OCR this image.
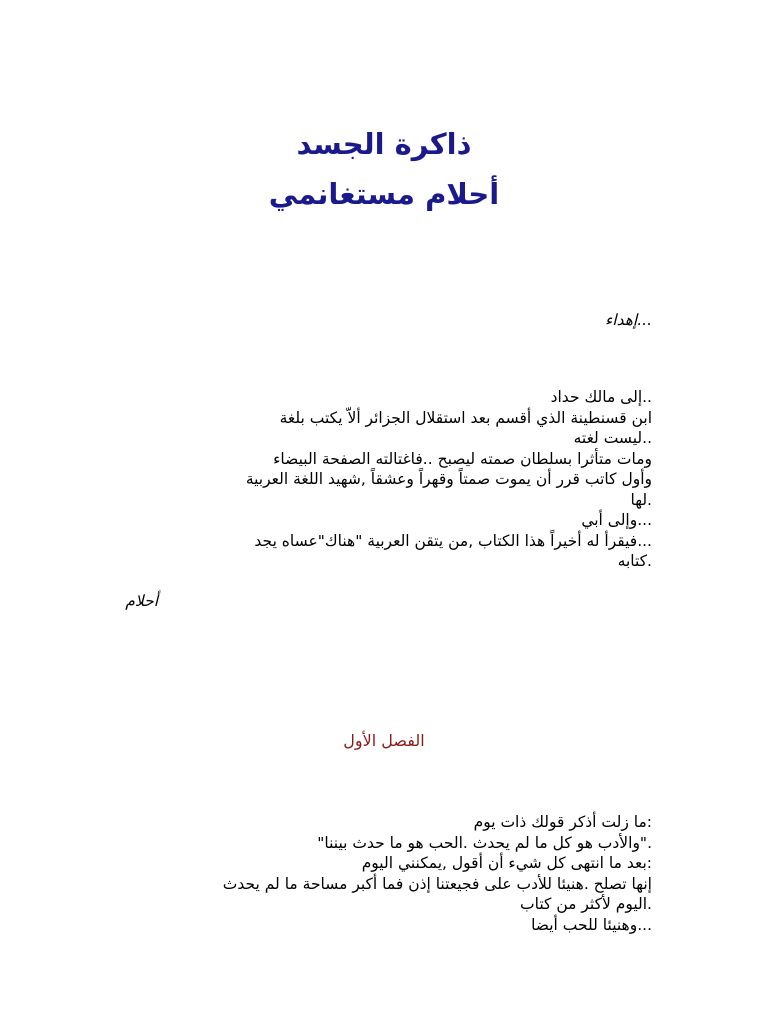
ذاكرة الجسد
أحلام مستغانمي
...إهداء

..إلى مالك حداد

ابن قسنطينة الذي أقسم بعد استقلال الجزائر ألاّ يكتب بلغة

..ليست لغته

ومات متأثرا بسلطان صمته ليصبح ..فاغتالته الصفحة البيضاء

وأول كاتب قرر أن يموت صمتاً وقهراً وعشقاً ,شهيد اللغة العربية

.لها

...وإلى أبي

...فيقرأ له أخيراً هذا الكتاب ,من يتقن العربية "هناك"عساه يجد

.كتابه

أحلام
الفصل الأول

:ما زلت أذكر قولك ذات يوم

."والأدب هو كل ما لم يحدث .الحب هو ما حدث بيننا"

:بعد ما انتهى كل شيء أن أقول ,يمكنني اليوم

إنها تصلح .هنيئا للأدب على فجيعتنا إذن فما أكبر مساحة ما لم يحدث

.اليوم لأكثر من كتاب

...وهنيئا للحب أيضا
